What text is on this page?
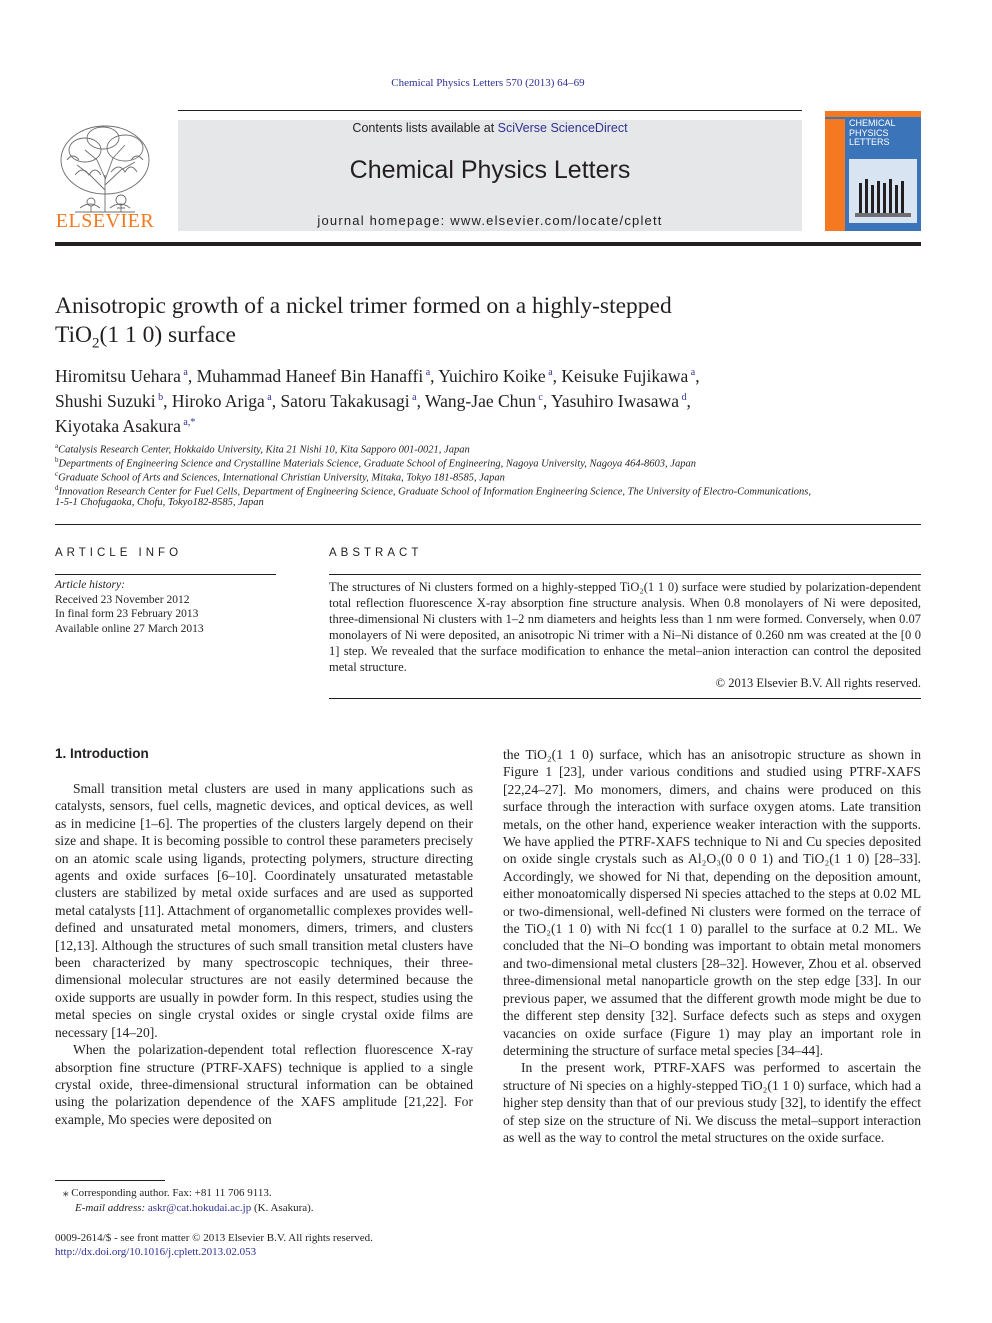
Chemical Physics Letters 570 (2013) 64–69
ELSEVIER
Contents lists available at SciVerse ScienceDirect
Chemical Physics Letters
journal homepage: www.elsevier.com/locate/cplett
CHEMICAL
PHYSICS
LETTERS
Anisotropic growth of a nickel trimer formed on a highly-stepped
TiO$_2$(1 1 0) surface
Hiromitsu Uehara $^a$, Muhammad Haneef Bin Hanaffi $^a$, Yuichiro Koike $^a$, Keisuke Fujikawa $^a$,
Shushi Suzuki $^b$, Hiroko Ariga $^a$, Satoru Takakusagi $^a$, Wang-Jae Chun $^c$, Yasuhiro Iwasawa $^d$,
Kiyotaka Asakura $^{a,*}$
$^a$Catalysis Research Center, Hokkaido University, Kita 21 Nishi 10, Kita Sapporo 001-0021, Japan
$^b$Departments of Engineering Science and Crystalline Materials Science, Graduate School of Engineering, Nagoya University, Nagoya 464-8603, Japan
$^c$Graduate School of Arts and Sciences, International Christian University, Mitaka, Tokyo 181-8585, Japan
$^d$Innovation Research Center for Fuel Cells, Department of Engineering Science, Graduate School of Information Engineering Science, The University of Electro-Communications,
1-5-1 Chofugaoka, Chofu, Tokyo182-8585, Japan
ARTICLE INFO
Article history:
Received 23 November 2012
In final form 23 February 2013
Available online 27 March 2013
ABSTRACT
The structures of Ni clusters formed on a highly-stepped TiO₂(1 1 0) surface were studied by polarization-dependent total reflection fluorescence X-ray absorption fine structure analysis. When 0.8 monolayers of Ni were deposited, three-dimensional Ni clusters with 1–2 nm diameters and heights less than 1 nm were formed. Conversely, when 0.07 monolayers of Ni were deposited, an anisotropic Ni trimer with a Ni–Ni distance of 0.260 nm was created at the [0 0 1] step. We revealed that the surface modification to enhance the metal–anion interaction can control the deposited metal structure.
© 2013 Elsevier B.V. All rights reserved.
1. Introduction

Small transition metal clusters are used in many applications such as catalysts, sensors, fuel cells, magnetic devices, and optical devices, as well as in medicine [1–6]. The properties of the clusters largely depend on their size and shape. It is becoming possible to control these parameters precisely on an atomic scale using ligands, protecting polymers, structure directing agents and oxide surfaces [6–10]. Coordinately unsaturated metastable clusters are stabilized by metal oxide surfaces and are used as supported metal catalysts [11]. Attachment of organometallic complexes provides well-defined and unsaturated metal monomers, dimers, trimers, and clusters [12,13]. Although the structures of such small transition metal clusters have been characterized by many spectroscopic techniques, their three-dimensional molecular structures are not easily determined because the oxide supports are usually in powder form. In this respect, studies using the metal species on single crystal oxides or single crystal oxide films are necessary [14–20].

When the polarization-dependent total reflection fluorescence X-ray absorption fine structure (PTRF-XAFS) technique is applied to a single crystal oxide, three-dimensional structural information can be obtained using the polarization dependence of the XAFS amplitude [21,22]. For example, Mo species were deposited on

the TiO₂(1 1 0) surface, which has an anisotropic structure as shown in Figure 1 [23], under various conditions and studied using PTRF-XAFS [22,24–27]. Mo monomers, dimers, and chains were produced on this surface through the interaction with surface oxygen atoms. Late transition metals, on the other hand, experience weaker interaction with the supports. We have applied the PTRF-XAFS technique to Ni and Cu species deposited on oxide single crystals such as Al₂O₃(0 0 0 1) and TiO₂(1 1 0) [28–33]. Accordingly, we showed for Ni that, depending on the deposition amount, either monoatomically dispersed Ni species attached to the steps at 0.02 ML or two-dimensional, well-defined Ni clusters were formed on the terrace of the TiO₂(1 1 0) with Ni fcc(1 1 0) parallel to the surface at 0.2 ML. We concluded that the Ni–O bonding was important to obtain metal monomers and two-dimensional metal clusters [28–32]. However, Zhou et al. observed three-dimensional metal nanoparticle growth on the step edge [33]. In our previous paper, we assumed that the different growth mode might be due to the different step density [32]. Surface defects such as steps and oxygen vacancies on oxide surface (Figure 1) may play an important role in determining the structure of surface metal species [34–44].

In the present work, PTRF-XAFS was performed to ascertain the structure of Ni species on a highly-stepped TiO₂(1 1 0) surface, which had a higher step density than that of our previous study [32], to identify the effect of step size on the structure of Ni. We discuss the metal–support interaction as well as the way to control the metal structures on the oxide surface.

⁎ Corresponding author. Fax: +81 11 706 9113.
E-mail address: askr@cat.hokudai.ac.jp (K. Asakura).
0009-2614/$ - see front matter © 2013 Elsevier B.V. All rights reserved.
http://dx.doi.org/10.1016/j.cplett.2013.02.053
